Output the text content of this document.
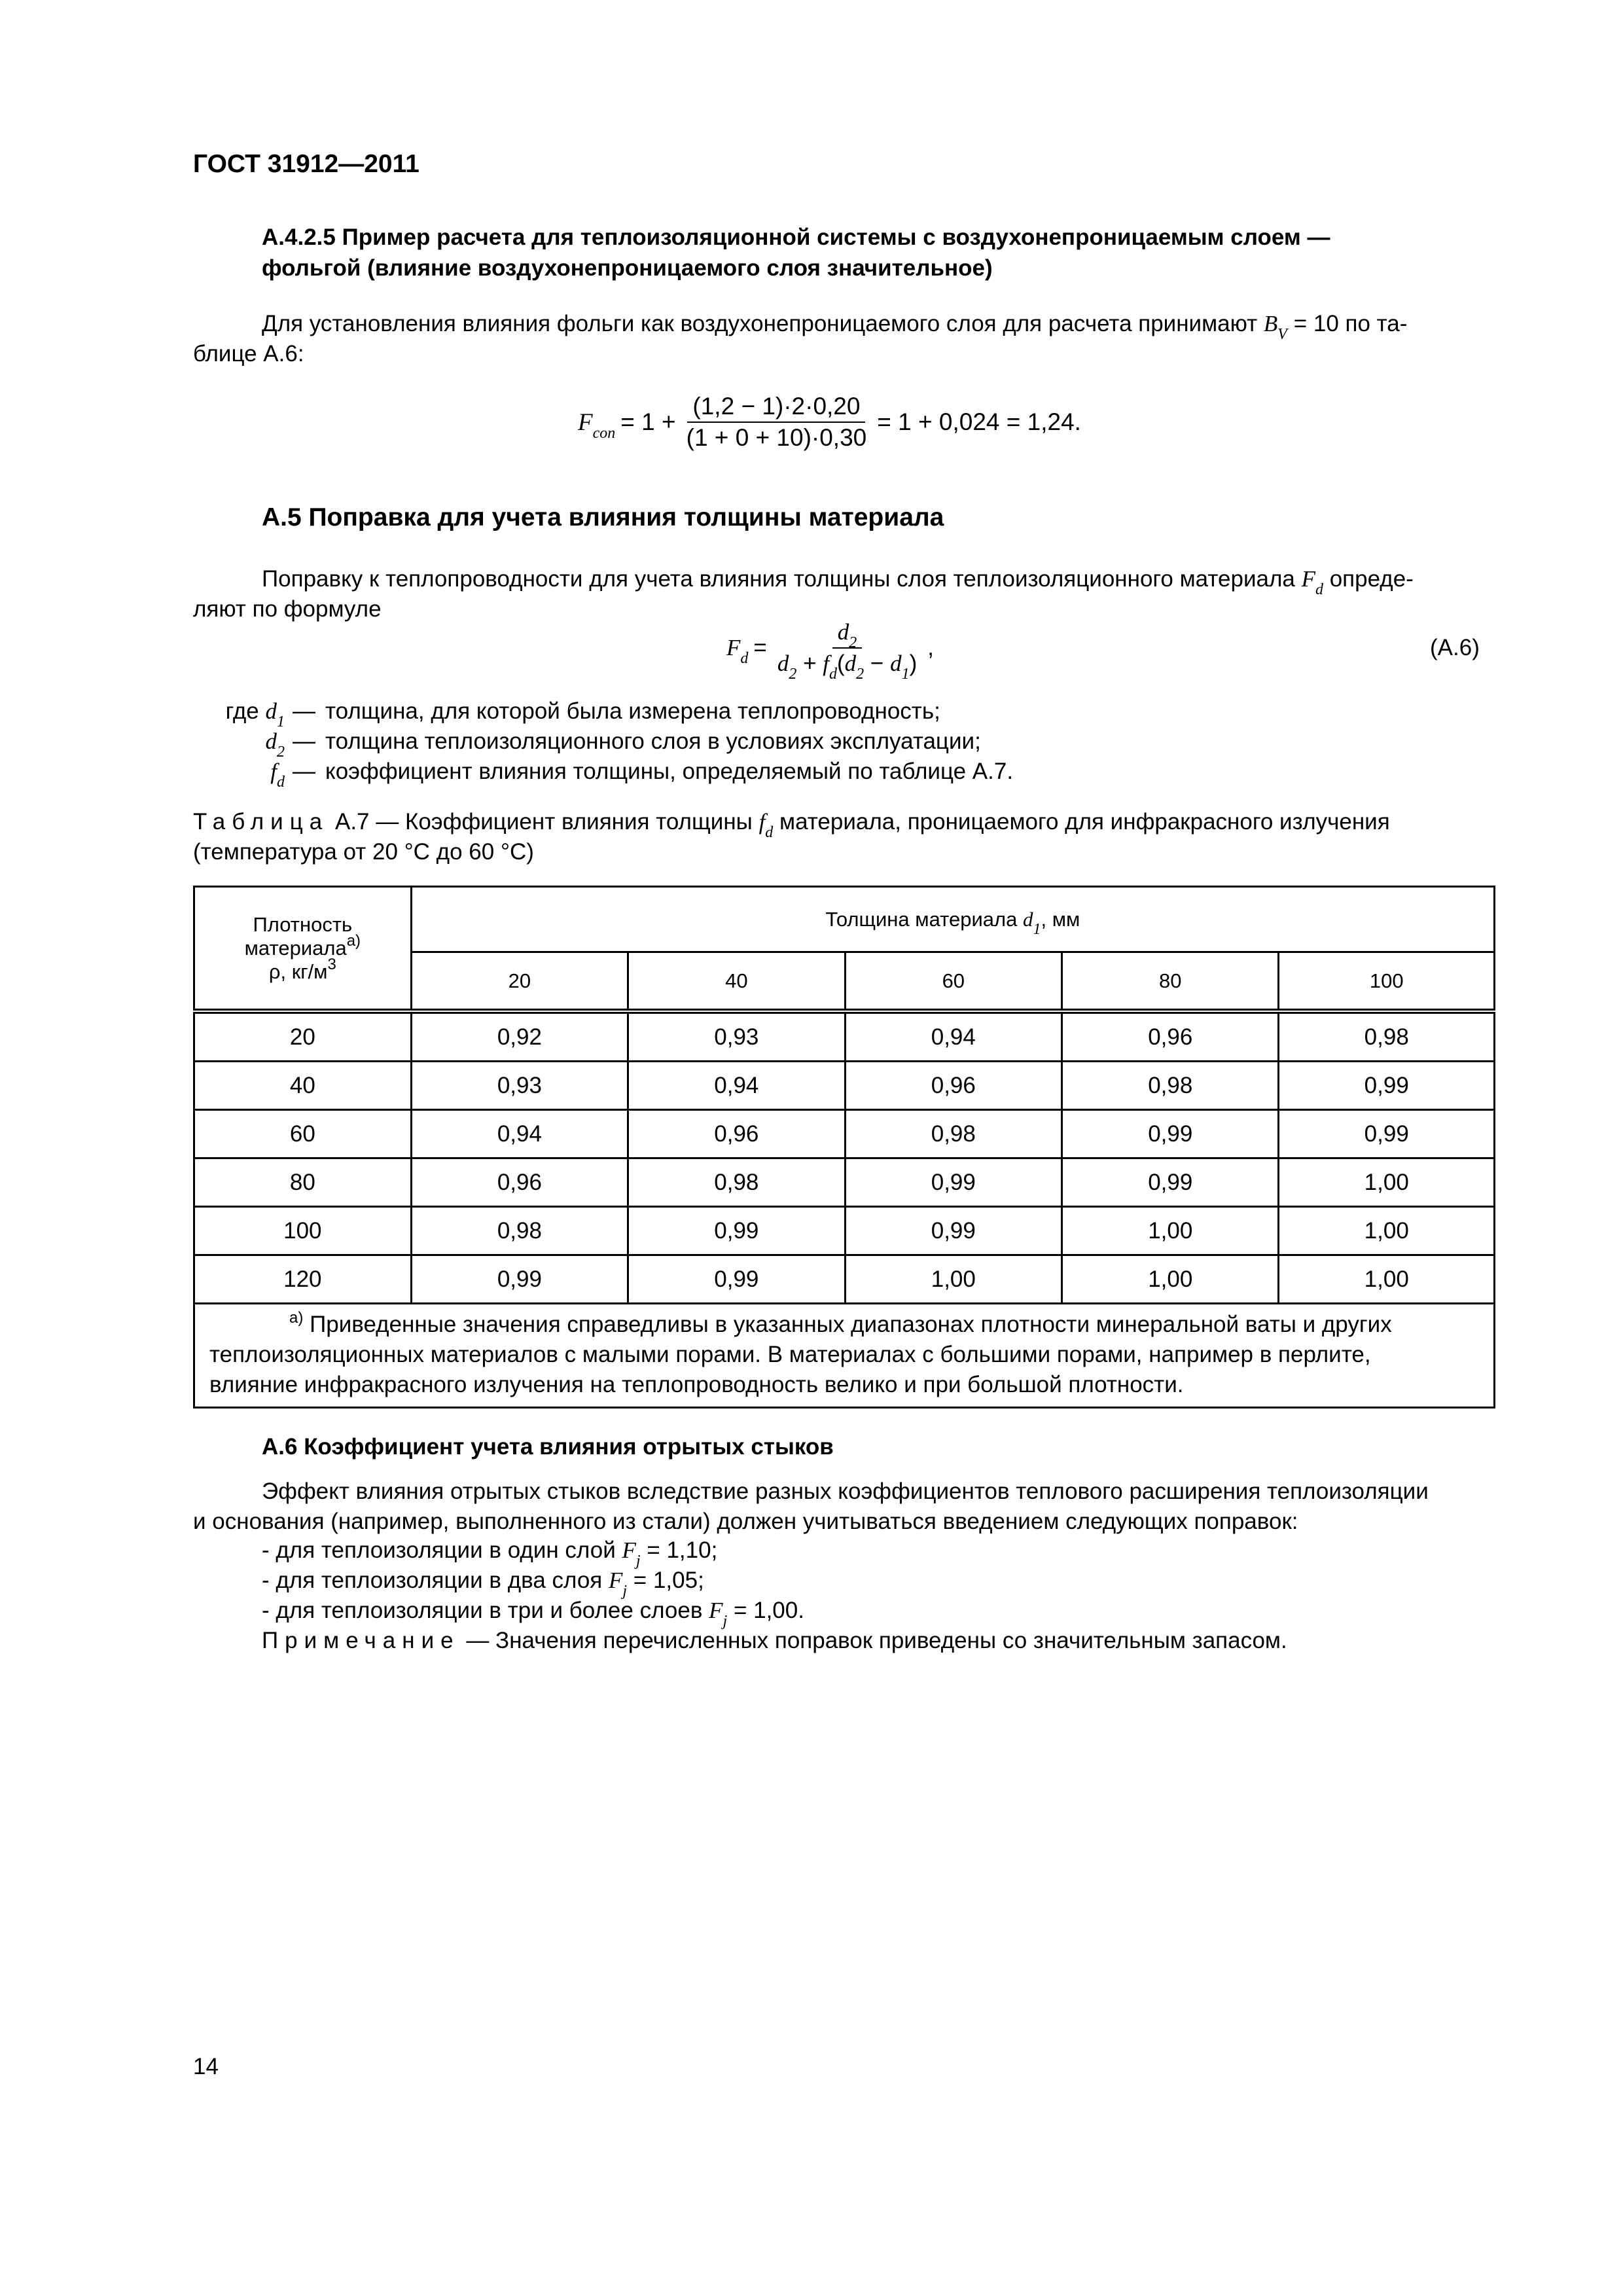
ГОСТ 31912—2011
А.4.2.5 Пример расчета для теплоизоляционной системы с воздухонепроницаемым слоем —
фольгой (влияние воздухонепроницаемого слоя значительное)
Для установления влияния фольги как воздухонепроницаемого слоя для расчета принимают $B_V = 10$ по та-
блице А.6:
$F_{con} = 1 + \frac{(1,2 - 1)\cdot 2\cdot 0,20}{(1 + 0 + 10)\cdot 0,30} = 1 + 0,024 = 1,24$.
А.5 Поправка для учета влияния толщины материала
Поправку к теплопроводности для учета влияния толщины слоя теплоизоляционного материала $F_d$ опреде-
ляют по формуле
$F_d = \frac{d_2}{d_2 + f_d(d_2 - d_1)}$ ,	(А.6)
где $d_1$ — толщина, для которой была измерена теплопроводность;
$d_2$ — толщина теплоизоляционного слоя в условиях эксплуатации;
$f_d$ — коэффициент влияния толщины, определяемый по таблице А.7.
Таблица А.7 — Коэффициент влияния толщины $f_d$ материала, проницаемого для инфракрасного излучения
(температура от 20 °С до 60 °С)
Плотность
материала$^{а)}$
ρ, $кг/м^3$	Толщина материала $d_1$, мм				
	20	40	60	80	100
20	0,92	0,93	0,94	0,96	0,98
40	0,93	0,94	0,96	0,98	0,99
60	0,94	0,96	0,98	0,99	0,99
80	0,96	0,98	0,99	0,99	1,00
100	0,98	0,99	0,99	1,00	1,00
120	0,99	0,99	1,00	1,00	1,00

$^{а)}$ Приведенные значения справедливы в указанных диапазонах плотности минеральной ваты и других
теплоизоляционных материалов с малыми порами. В материалах с большими порами, например в перлите,
влияние инфракрасного излучения на теплопроводность велико и при большой плотности.					
А.6 Коэффициент учета влияния отрытых стыков
Эффект влияния отрытых стыков вследствие разных коэффициентов теплового расширения теплоизоляции
и основания (например, выполненного из стали) должен учитываться введением следующих поправок:
- для теплоизоляции в один слой $F_j = 1,10$;
- для теплоизоляции в два слоя $F_j = 1,05$;
- для теплоизоляции в три и более слоев $F_j = 1,00$.
Примечание — Значения перечисленных поправок приведены со значительным запасом.
14
